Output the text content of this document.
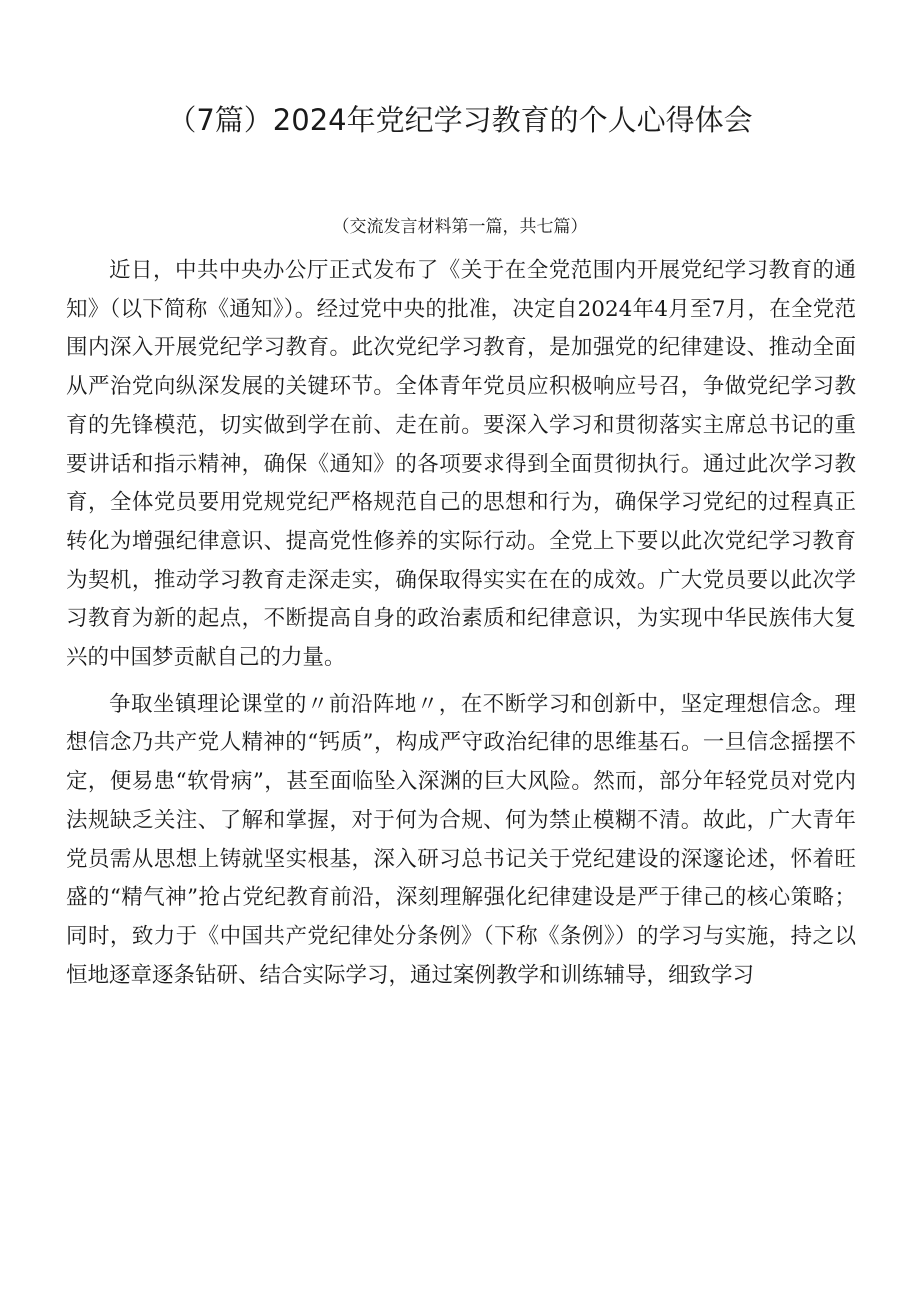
（7篇）2024年党纪学习教育的个人心得体会
（交流发言材料第一篇，共七篇）

近日，中共中央办公厅正式发布了《关于在全党范围内开展党纪学习教育的通知》（以下简称《通知》）。经过党中央的批准，决定自2024年4月至7月，在全党范围内深入开展党纪学习教育。此次党纪学习教育，是加强党的纪律建设、推动全面从严治党向纵深发展的关键环节。全体青年党员应积极响应号召，争做党纪学习教育的先锋模范，切实做到学在前、走在前。要深入学习和贯彻落实主席总书记的重要讲话和指示精神，确保《通知》的各项要求得到全面贯彻执行。通过此次学习教育，全体党员要用党规党纪严格规范自己的思想和行为，确保学习党纪的过程真正转化为增强纪律意识、提高党性修养的实际行动。全党上下要以此次党纪学习教育为契机，推动学习教育走深走实，确保取得实实在在的成效。广大党员要以此次学习教育为新的起点，不断提高自身的政治素质和纪律意识，为实现中华民族伟大复兴的中国梦贡献自己的力量。

争取坐镇理论课堂的〃前沿阵地〃，在不断学习和创新中，坚定理想信念。理想信念乃共产党人精神的“钙质”，构成严守政治纪律的思维基石。一旦信念摇摆不定，便易患“软骨病”，甚至面临坠入深渊的巨大风险。然而，部分年轻党员对党内法规缺乏关注、了解和掌握，对于何为合规、何为禁止模糊不清。故此，广大青年党员需从思想上铸就坚实根基，深入研习总书记关于党纪建设的深邃论述，怀着旺盛的“精气神”抢占党纪教育前沿，深刻理解强化纪律建设是严于律己的核心策略；同时，致力于《中国共产党纪律处分条例》（下称《条例》）的学习与实施，持之以恒地逐章逐条钻研、结合实际学习，通过案例教学和训练辅导，细致学习
